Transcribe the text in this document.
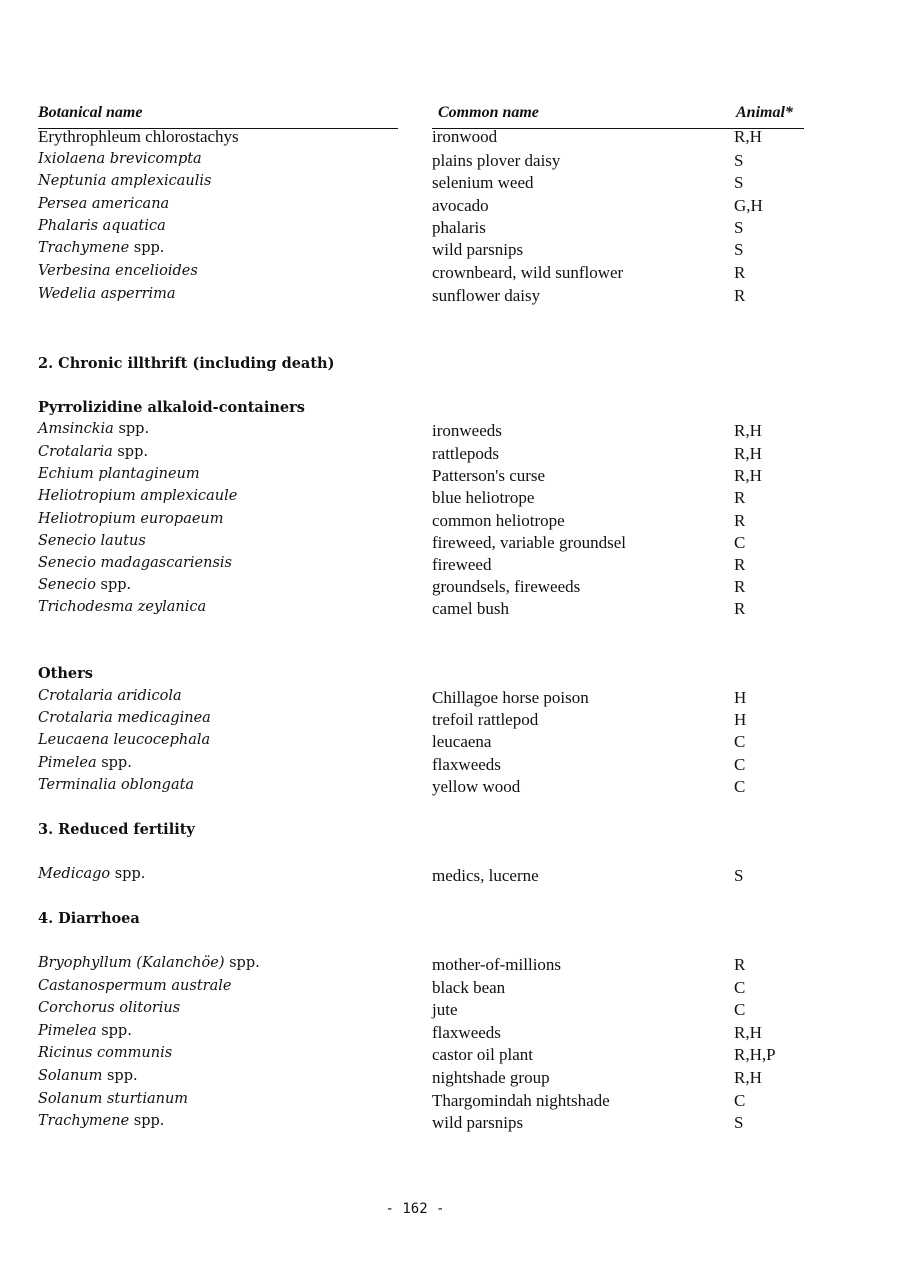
Botanical name	Common name	Animal*
Erythrophleum chlorostachys	ironwood	R,H
Ixiolaena brevicompta	plains plover daisy	S
Neptunia amplexicaulis	selenium weed	S
Persea americana	avocado	G,H
Phalaris aquatica	phalaris	S
Trachymene spp.	wild parsnips	S
Verbesina encelioides	crownbeard, wild sunflower	R
Wedelia asperrima	sunflower daisy	R
2. Chronic illthrift (including death)
Pyrrolizidine alkaloid-containers
Amsinckia spp.	ironweeds	R,H
Crotalaria spp.	rattlepods	R,H
Echium plantagineum	Patterson's curse	R,H
Heliotropium amplexicaule	blue heliotrope	R
Heliotropium europaeum	common heliotrope	R
Senecio lautus	fireweed, variable groundsel	C
Senecio madagascariensis	fireweed	R
Senecio spp.	groundsels, fireweeds	R
Trichodesma zeylanica	camel bush	R
Others
Crotalaria aridicola	Chillagoe horse poison	H
Crotalaria medicaginea	trefoil rattlepod	H
Leucaena leucocephala	leucaena	C
Pimelea spp.	flaxweeds	C
Terminalia oblongata	yellow wood	C
3. Reduced fertility
Medicago spp.	medics, lucerne	S
4. Diarrhoea
Bryophyllum (Kalanchöe) spp.	mother-of-millions	R
Castanospermum australe	black bean	C
Corchorus olitorius	jute	C
Pimelea spp.	flaxweeds	R,H
Ricinus communis	castor oil plant	R,H,P
Solanum spp.	nightshade group	R,H
Solanum sturtianum	Thargomindah nightshade	C
Trachymene spp.	wild parsnips	S
- 162 -
